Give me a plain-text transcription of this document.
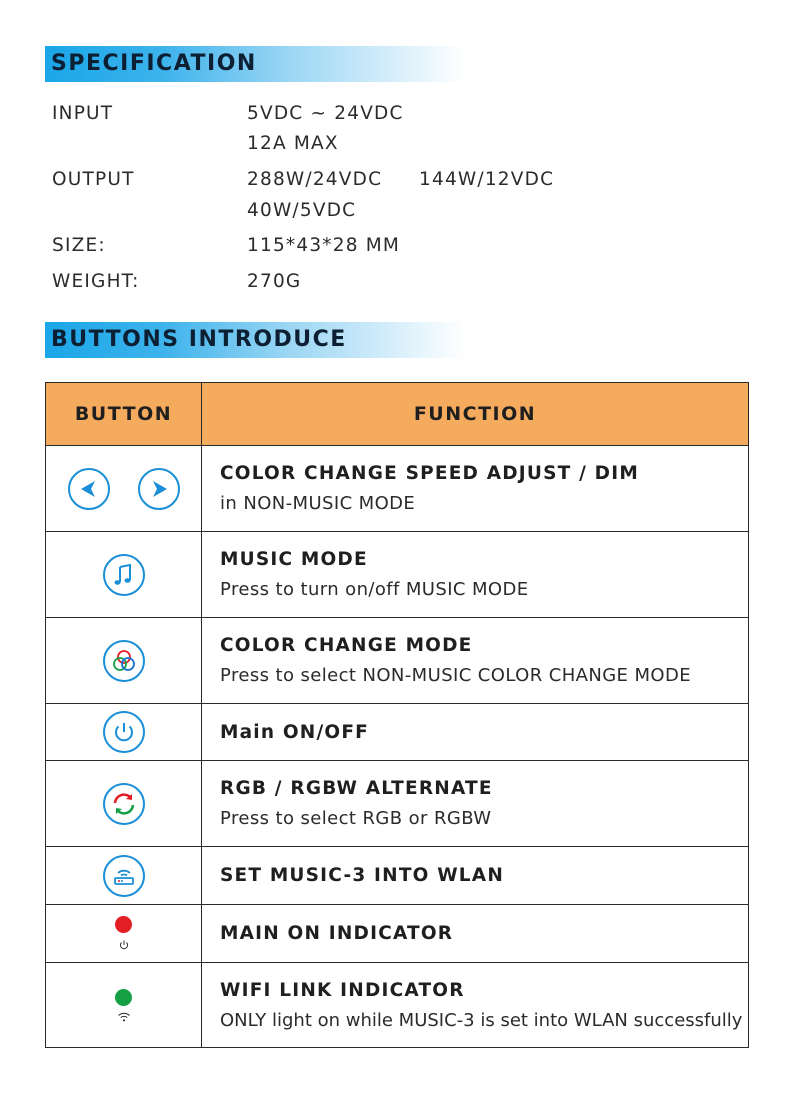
SPECIFICATION
INPUT	5VDC ~ 24VDC
12A MAX
OUTPUT	288W/24VDC 144W/12VDC
40W/5VDC
SIZE:	115*43*28 MM
WEIGHT:	270G
BUTTONS INTRODUCE
BUTTON	FUNCTION

COLOR CHANGE SPEED ADJUST / DIM
in NON-MUSIC MODE

MUSIC MODE
Press to turn on/off MUSIC MODE

COLOR CHANGE MODE
Press to select NON-MUSIC COLOR CHANGE MODE

Main ON/OFF

RGB / RGBW ALTERNATE
Press to select RGB or RGBW

SET MUSIC-3 INTO WLAN

MAIN ON INDICATOR

WIFI LINK INDICATOR
ONLY light on while MUSIC-3 is set into WLAN successfully
